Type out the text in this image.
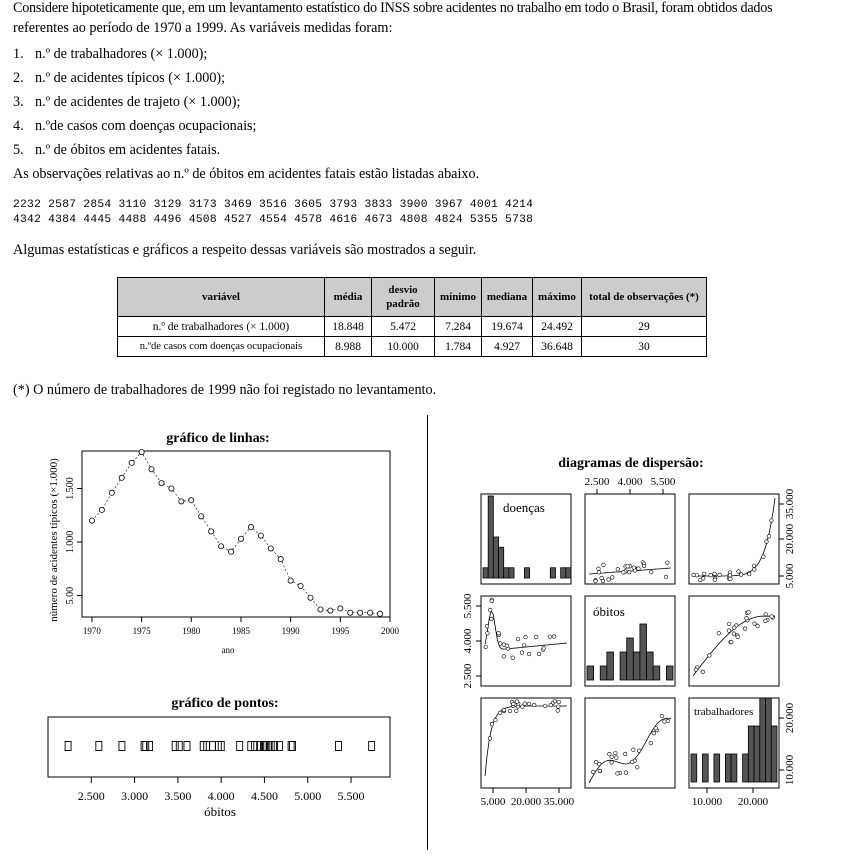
Considere hipoteticamente que, em um levantamento estatístico do INSS sobre acidentes no trabalho em todo o Brasil, foram obtidos dados
referentes ao período de 1970 a 1999. As variáveis medidas foram:
1. n.º de trabalhadores (× 1.000);
2. n.º de acidentes típicos (× 1.000);
3. n.º de acidentes de trajeto (× 1.000);
4. n.ºde casos com doenças ocupacionais;
5. n.º de óbitos em acidentes fatais.
As observações relativas ao n.º de óbitos em acidentes fatais estão listadas abaixo.
2232 2587 2854 3110 3129 3173 3469 3516 3605 3793 3833 3900 3967 4001 4214
4342 4384 4445 4488 4496 4508 4527 4554 4578 4616 4673 4808 4824 5355 5738
Algumas estatísticas e gráficos a respeito dessas variáveis são mostrados a seguir.
variável	média	desvio padrão	mínimo	mediana	máximo	total de observações (*)
n.º de trabalhadores (× 1.000)	18.848	5.472	7.284	19.674	24.492	29
n.ºde casos com doenças ocupacionais	8.988	10.000	1.784	4.927	36.648	30
(*) O número de trabalhadores de 1999 não foi registado no levantamento.
gráfico de linhas:
ano
número de acidentes típicos (×1.000) 5.00
1.000
1.500
1970	1975	1980	1985	1990	1995	2000
gráfico de pontos:
óbitos
2.500 3.000 3.500 4.000 4.500 5.000 5.500
diagramas de dispersão:
doenças
óbitos
trabalhadores
2.500 4.000 5.500
5.000
20.000
35.000
2.500
4.000
5.500
10.000
20.000
5.000 20.000 35.000	10.000 20.000
